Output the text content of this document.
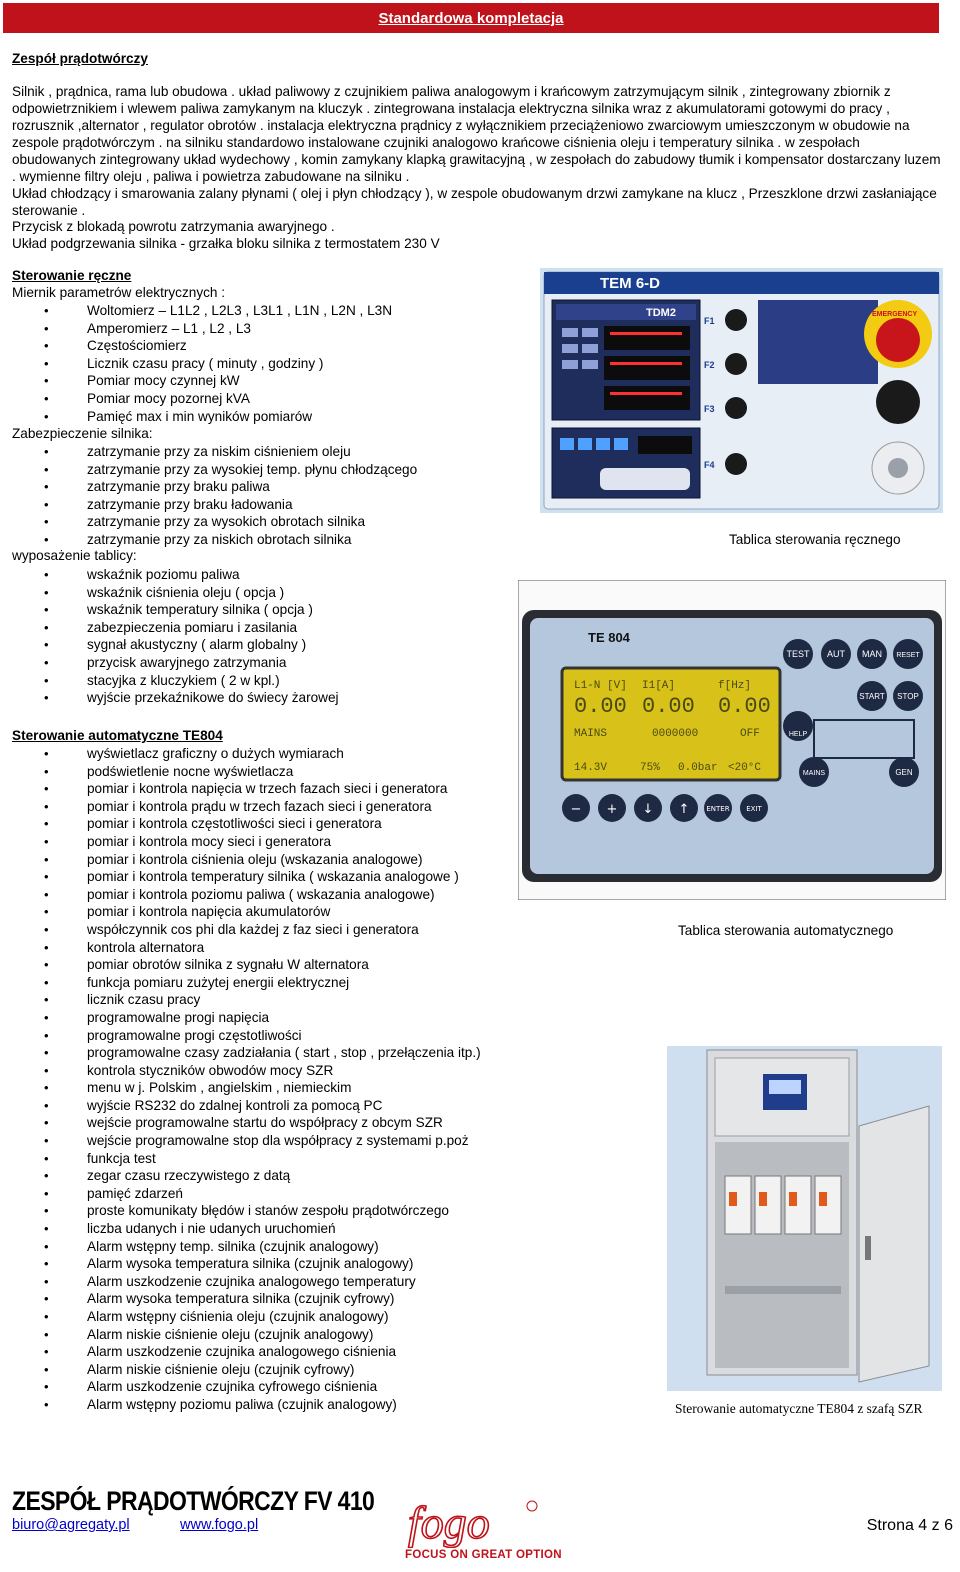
Standardowa kompletacja
Zespół prądotwórczy
Silnik , prądnica, rama lub obudowa . układ paliwowy z czujnikiem paliwa analogowym i krańcowym zatrzymującym silnik , zintegrowany zbiornik z odpowietrznikiem i wlewem paliwa zamykanym na kluczyk . zintegrowana instalacja elektryczna silnika wraz z akumulatorami gotowymi do pracy , rozrusznik ,alternator , regulator obrotów . instalacja elektryczna prądnicy z wyłącznikiem przeciążeniowo zwarciowym umieszczonym w obudowie na zespole prądotwórczym . na silniku standardowo instalowane czujniki analogowo krańcowe ciśnienia oleju i temperatury silnika . w zespołach obudowanych zintegrowany układ wydechowy , komin zamykany klapką grawitacyjną , w zespołach do zabudowy tłumik i kompensator dostarczany luzem . wymienne filtry oleju , paliwa i powietrza zabudowane na silniku .
Układ chłodzący i smarowania zalany płynami ( olej i płyn chłodzący ), w zespole obudowanym drzwi zamykane na klucz , Przeszklone drzwi zasłaniające sterowanie .
Przycisk z blokadą powrotu zatrzymania awaryjnego .
Układ podgrzewania silnika - grzałka bloku silnika z termostatem 230 V
Sterowanie ręczne
Miernik parametrów elektrycznych :
• Woltomierz – L1L2 , L2L3 , L3L1 , L1N , L2N , L3N
• Amperomierz – L1 , L2 , L3
• Częstościomierz
• Licznik czasu pracy ( minuty , godziny )
• Pomiar mocy czynnej kW
• Pomiar mocy pozornej kVA
• Pamięć max i min wyników pomiarów
Zabezpieczenie silnika:
• zatrzymanie przy za niskim ciśnieniem oleju
• zatrzymanie przy za wysokiej temp. płynu chłodzącego
• zatrzymanie przy braku paliwa
• zatrzymanie przy braku ładowania
• zatrzymanie przy za wysokich obrotach silnika
• zatrzymanie przy za niskich obrotach silnika
wyposażenie tablicy:
• wskaźnik poziomu paliwa
• wskaźnik ciśnienia oleju ( opcja )
• wskaźnik temperatury silnika ( opcja )
• zabezpieczenia pomiaru i zasilania
• sygnał akustyczny ( alarm globalny )
• przycisk awaryjnego zatrzymania
• stacyjka z kluczykiem ( 2 w kpl.)
• wyjście przekaźnikowe do świecy żarowej
TEM 6-D
TDM2
F1
F2
F3
F4
EMERGENCY
Tablica sterowania ręcznego
Sterowanie automatyczne TE804
• wyświetlacz graficzny o dużych wymiarach
• podświetlenie nocne wyświetlacza
• pomiar i kontrola napięcia w trzech fazach sieci i generatora
• pomiar i kontrola prądu w trzech fazach sieci i generatora
• pomiar i kontrola częstotliwości sieci i generatora
• pomiar i kontrola mocy sieci i generatora
• pomiar i kontrola ciśnienia oleju (wskazania analogowe)
• pomiar i kontrola temperatury silnika ( wskazania analogowe )
• pomiar i kontrola poziomu paliwa ( wskazania analogowe)
• pomiar i kontrola napięcia akumulatorów
• współczynnik cos phi dla każdej z faz sieci i generatora
• kontrola alternatora
• pomiar obrotów silnika z sygnału W alternatora
• funkcja pomiaru zużytej energii elektrycznej
• licznik czasu pracy
• programowalne progi napięcia
• programowalne progi częstotliwości
• programowalne czasy zadziałania ( start , stop , przełączenia itp.)
• kontrola styczników obwodów mocy SZR
• menu w j. Polskim , angielskim , niemieckim
• wyjście RS232 do zdalnej kontroli za pomocą PC
• wejście programowalne startu do współpracy z obcym SZR
• wejście programowalne stop dla współpracy z systemami p.poż
• funkcja test
• zegar czasu rzeczywistego z datą
• pamięć zdarzeń
• proste komunikaty błędów i stanów zespołu prądotwórczego
• liczba udanych i nie udanych uruchomień
• Alarm wstępny temp. silnika (czujnik analogowy)
• Alarm wysoka temperatura silnika (czujnik analogowy)
• Alarm uszkodzenie czujnika analogowego temperatury
• Alarm wysoka temperatura silnika (czujnik cyfrowy)
• Alarm wstępny ciśnienia oleju (czujnik analogowy)
• Alarm niskie ciśnienie oleju (czujnik analogowy)
• Alarm uszkodzenie czujnika analogowego ciśnienia
• Alarm niskie ciśnienie oleju (czujnik cyfrowy)
• Alarm uszkodzenie czujnika cyfrowego ciśnienia
• Alarm wstępny poziomu paliwa (czujnik analogowy)
TE 804
L1-N [V] I1[A]	f[Hz]
0.00 0.00 0.00
MAINS	0000000	OFF
14.3V	75% 0.0bar <20°C
TEST AUT MAN RESET
START STOP
HELP
MAINS	GEN
− + ↓ ↑ ENTER EXIT
Tablica sterowania automatycznego
Sterowanie automatyczne TE804 z szafą SZR
ZESPÓŁ PRĄDOTWÓRCZY FV 410
biuro@agregaty.pl	www.fogo.pl	fogo
FOCUS ON GREAT OPTION
Strona 4 z 6
